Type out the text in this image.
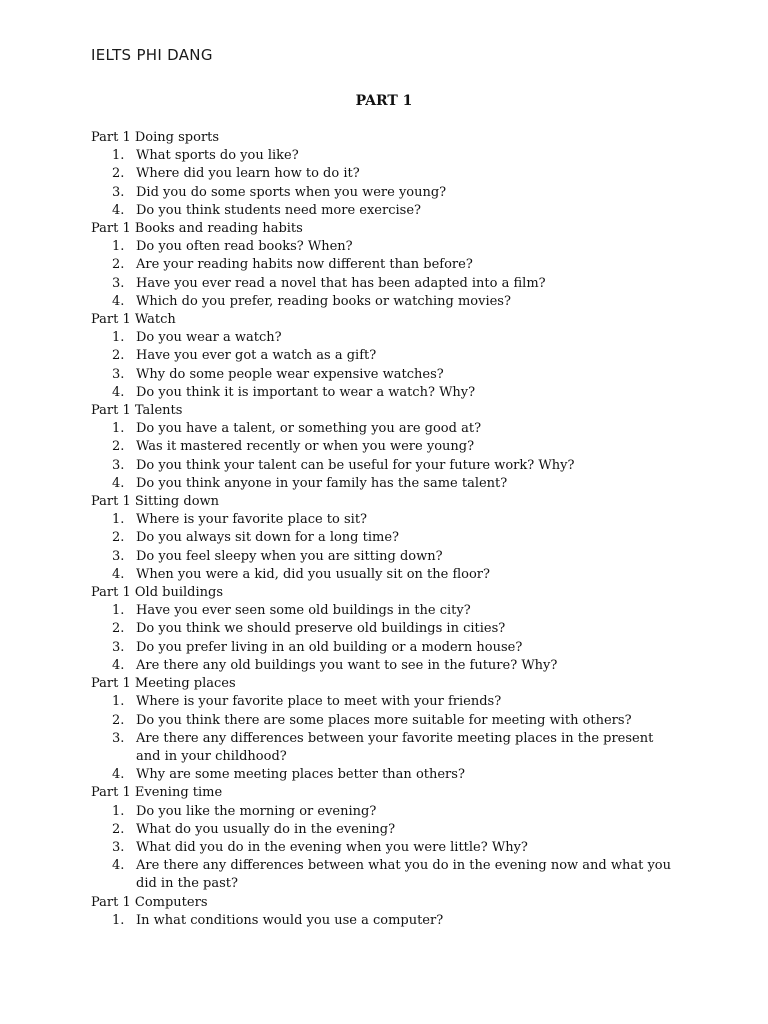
IELTS PHI DANG
PART 1
Part 1 Doing sports
1. What sports do you like?
2. Where did you learn how to do it?
3. Did you do some sports when you were young?
4. Do you think students need more exercise?
Part 1 Books and reading habits
1. Do you often read books? When?
2. Are your reading habits now different than before?
3. Have you ever read a novel that has been adapted into a film?
4. Which do you prefer, reading books or watching movies?
Part 1 Watch
1. Do you wear a watch?
2. Have you ever got a watch as a gift?
3. Why do some people wear expensive watches?
4. Do you think it is important to wear a watch? Why?
Part 1 Talents
1. Do you have a talent, or something you are good at?
2. Was it mastered recently or when you were young?
3. Do you think your talent can be useful for your future work? Why?
4. Do you think anyone in your family has the same talent?
Part 1 Sitting down
1. Where is your favorite place to sit?
2. Do you always sit down for a long time?
3. Do you feel sleepy when you are sitting down?
4. When you were a kid, did you usually sit on the floor?
Part 1 Old buildings
1. Have you ever seen some old buildings in the city?
2. Do you think we should preserve old buildings in cities?
3. Do you prefer living in an old building or a modern house?
4. Are there any old buildings you want to see in the future? Why?
Part 1 Meeting places
1. Where is your favorite place to meet with your friends?
2. Do you think there are some places more suitable for meeting with others?
3. Are there any differences between your favorite meeting places in the present and in your childhood?
4. Why are some meeting places better than others?
Part 1 Evening time
1. Do you like the morning or evening?
2. What do you usually do in the evening?
3. What did you do in the evening when you were little? Why?
4. Are there any differences between what you do in the evening now and what you did in the past?
Part 1 Computers
1. In what conditions would you use a computer?
